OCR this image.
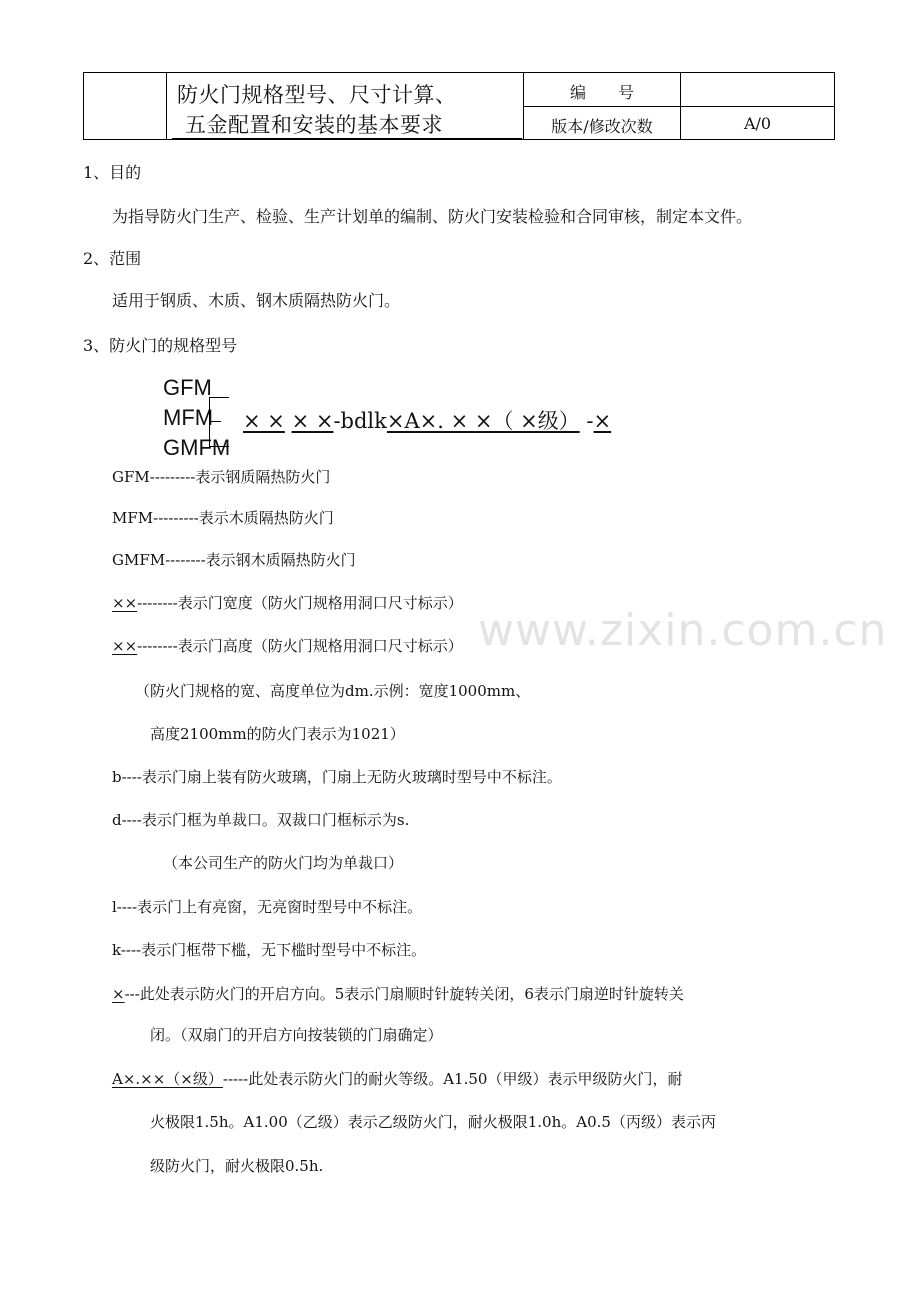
防火门规格型号、尺寸计算、
五金配置和安装的基本要求
编　　号
版本/修改次数	A/0
1、目的
为指导防火门生产、检验、生产计划单的编制、防火门安装检验和合同审核，制定本文件。
2、范围
适用于钢质、木质、钢木质隔热防火门。
3、防火门的规格型号
GFM
MFM
GMFM
× × × ×-bdlk×A×. × ×（ ×级） -×
GFM---------表示钢质隔热防火门
MFM---------表示木质隔热防火门
GMFM--------表示钢木质隔热防火门
××--------表示门宽度（防火门规格用洞口尺寸标示）
××--------表示门高度（防火门规格用洞口尺寸标示） www.zixin.com.cn
（防火门规格的宽、高度单位为dm.示例：宽度1000mm、
高度2100mm的防火门表示为1021）
b----表示门扇上装有防火玻璃，门扇上无防火玻璃时型号中不标注。
d----表示门框为单裁口。双裁口门框标示为s.
（本公司生产的防火门均为单裁口）
l----表示门上有亮窗，无亮窗时型号中不标注。
k----表示门框带下槛，无下槛时型号中不标注。
×---此处表示防火门的开启方向。5表示门扇顺时针旋转关闭，6表示门扇逆时针旋转关
闭。（双扇门的开启方向按装锁的门扇确定）
A×.××（×级）-----此处表示防火门的耐火等级。A1.50（甲级）表示甲级防火门，耐
火极限1.5h。A1.00（乙级）表示乙级防火门，耐火极限1.0h。A0.5（丙级）表示丙
级防火门，耐火极限0.5h.
